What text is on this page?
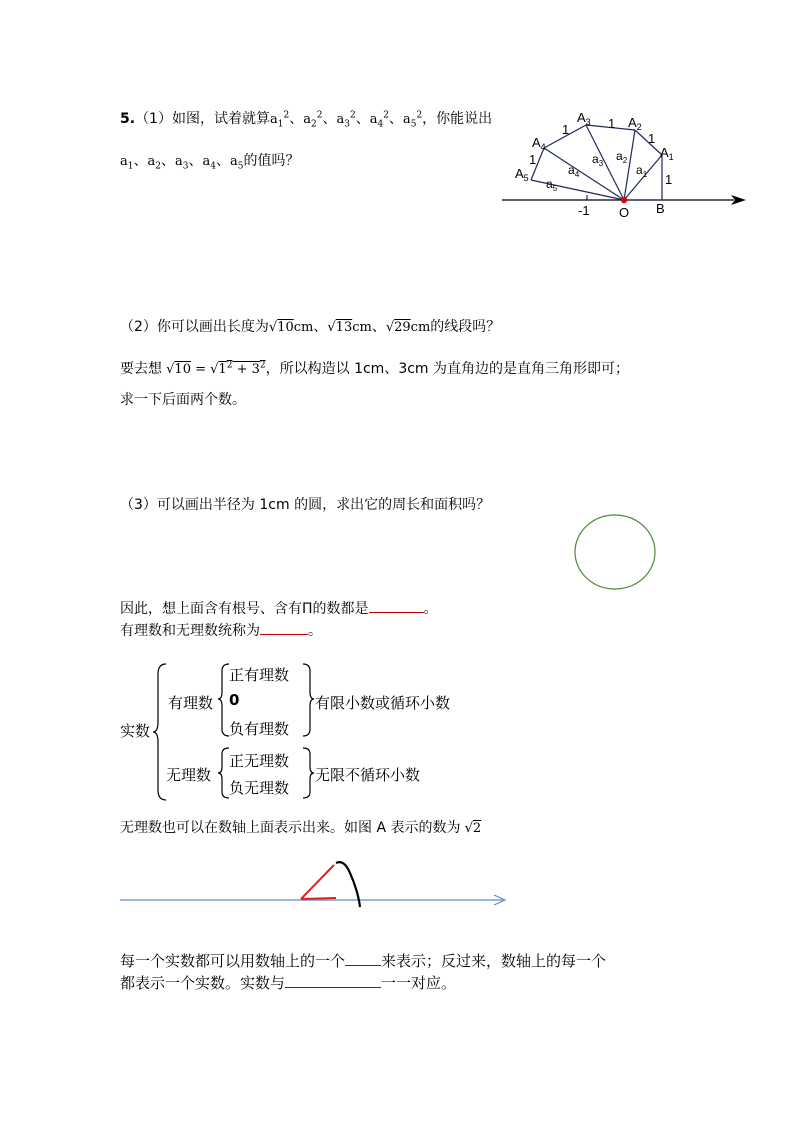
5.（1）如图，试着就算$a_1^2$、$a_2^2$、$a_3^2$、$a_4^2$、$a_5^2$，你能说出
$a_1$、$a_2$、$a_3$、$a_4$、$a_5$的值吗？
$A_1$
$A_2$
$A_3$
$A_4$
$A_5$	1
1
1
1
1
$a_1$
$a_2$
$a_3$
$a_4$
$a_5$
-1 O B
（2）你可以画出长度为√10cm、√13cm、√29cm的线段吗？
要去想 $√10 = √1^2 + 3^2$，所以构造以 1cm、3cm 为直角边的是直角三角形即可；
求一下后面两个数。
（3）可以画出半径为 1cm 的圆，求出它的周长和面积吗？
因此，想上面含有根号、含有Π的数都是	。
有理数和无理数统称为	。
实数
有理数
正有理数
0
负有理数
有限小数或循环小数
无理数
正无理数
负无理数
无限不循环小数
无理数也可以在数轴上面表示出来。如图 A 表示的数为 √2
每一个实数都可以用数轴上的一个 来表示；反过来，数轴上的每一个
都表示一个实数。实数与	一一对应。
